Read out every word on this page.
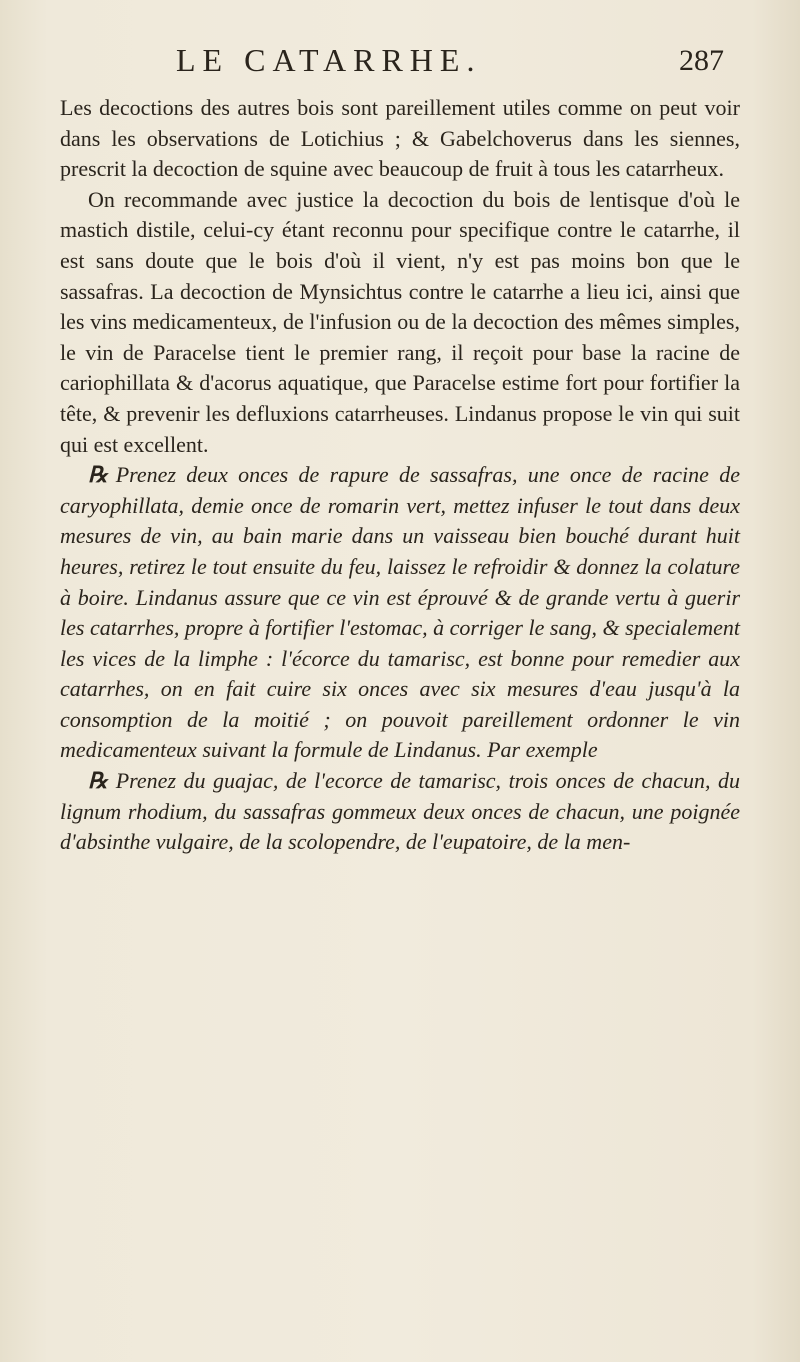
LE CATARRHE.	287

Les decoctions des autres bois sont pareillement utiles comme on peut voir dans les observations de Lotichius ; & Gabelchoverus dans les siennes, prescrit la decoction de squine avec beaucoup de fruit à tous les catarrheux.

On recommande avec justice la decoction du bois de lentisque d'où le mastich distile, celui-cy étant reconnu pour specifique contre le catarrhe, il est sans doute que le bois d'où il vient, n'y est pas moins bon que le sassafras. La decoction de Mynsichtus contre le catarrhe a lieu ici, ainsi que les vins medicamenteux, de l'infusion ou de la decoction des mêmes simples, le vin de Paracelse tient le premier rang, il reçoit pour base la racine de cariophillata & d'acorus aquatique, que Paracelse estime fort pour fortifier la tête, & prevenir les defluxions catarrheuses. Lindanus propose le vin qui suit qui est excellent.

℞ Prenez deux onces de rapure de sassafras, une once de racine de caryophillata, demie once de romarin vert, mettez infuser le tout dans deux mesures de vin, au bain marie dans un vaisseau bien bouché durant huit heures, retirez le tout ensuite du feu, laissez le refroidir & donnez la colature à boire. Lindanus assure que ce vin est éprouvé & de grande vertu à guerir les catarrhes, propre à fortifier l'estomac, à corriger le sang, & specialement les vices de la limphe : l'écorce du tamarisc, est bonne pour remedier aux catarrhes, on en fait cuire six onces avec six mesures d'eau jusqu'à la consomption de la moitié ; on pouvoit pareillement ordonner le vin medicamenteux suivant la formule de Lindanus. Par exemple

℞ Prenez du guajac, de l'ecorce de tamarisc, trois onces de chacun, du lignum rhodium, du sassafras gommeux deux onces de chacun, une poignée d'absinthe vulgaire, de la scolopendre, de l'eupatoire, de la men-
